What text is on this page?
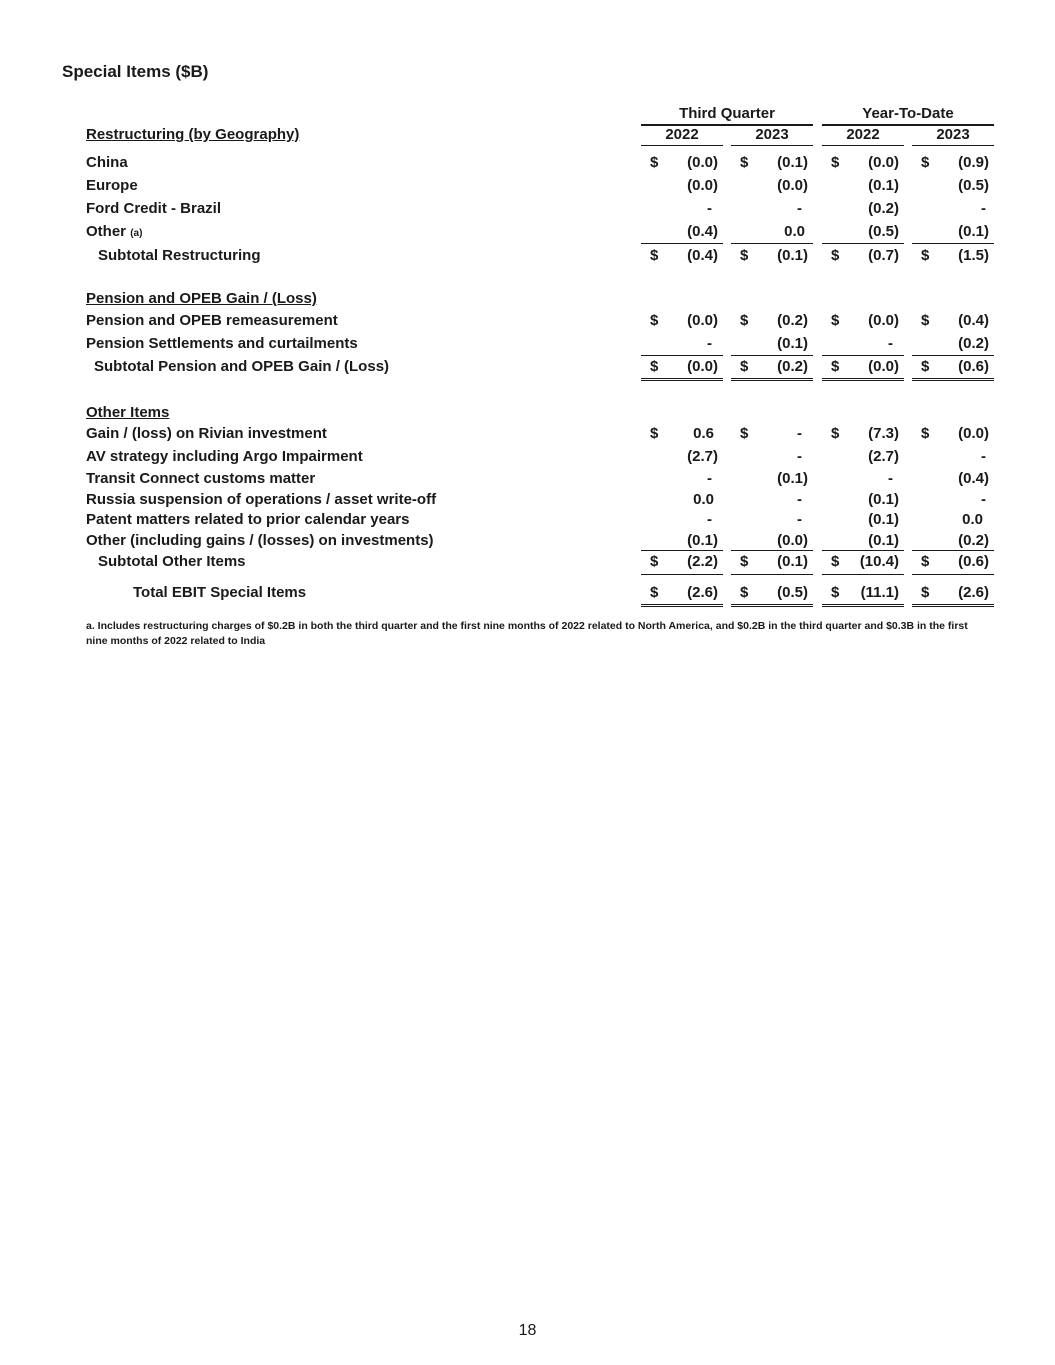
Special Items ($B)
Third Quarter	Year-To-Date
2022	2023	2022	2023
Restructuring (by Geography)
China	$	(0.0) $	(0.1) $	(0.0) $	(0.9)
Europe	(0.0)	(0.0)	(0.1)	(0.5)
Ford Credit - Brazil	-	-	(0.2)	-
Other (a)	(0.4)	0.0	(0.5)	(0.1)
Subtotal Restructuring	$	(0.4) $	(0.1) $	(0.7) $	(1.5)
Pension and OPEB Gain / (Loss)
Pension and OPEB remeasurement	$	(0.0) $	(0.2) $	(0.0) $	(0.4)
Pension Settlements and curtailments	-	(0.1)	-	(0.2)
Subtotal Pension and OPEB Gain / (Loss)	$	(0.0) $	(0.2) $	(0.0) $	(0.6)
Other Items
Gain / (loss) on Rivian investment	$	0.6 $	-	$	(7.3) $	(0.0)
AV strategy including Argo Impairment	(2.7)	-	(2.7)	-
Transit Connect customs matter	-	(0.1)	-	(0.4)
Russia suspension of operations / asset write-off	0.0	-	(0.1)	-
Patent matters related to prior calendar years	-	-	(0.1)	0.0
Other (including gains / (losses) on investments)	(0.1)	(0.0)	(0.1)	(0.2)
Subtotal Other Items	$	(2.2) $	(0.1) $	(10.4) $	(0.6)
Total EBIT Special Items	$	(2.6) $	(0.5) $	(11.1) $	(2.6)
a. Includes restructuring charges of $0.2B in both the third quarter and the first nine months of 2022 related to North America, and $0.2B in the third quarter and $0.3B in the first nine months of 2022 related to India
18
